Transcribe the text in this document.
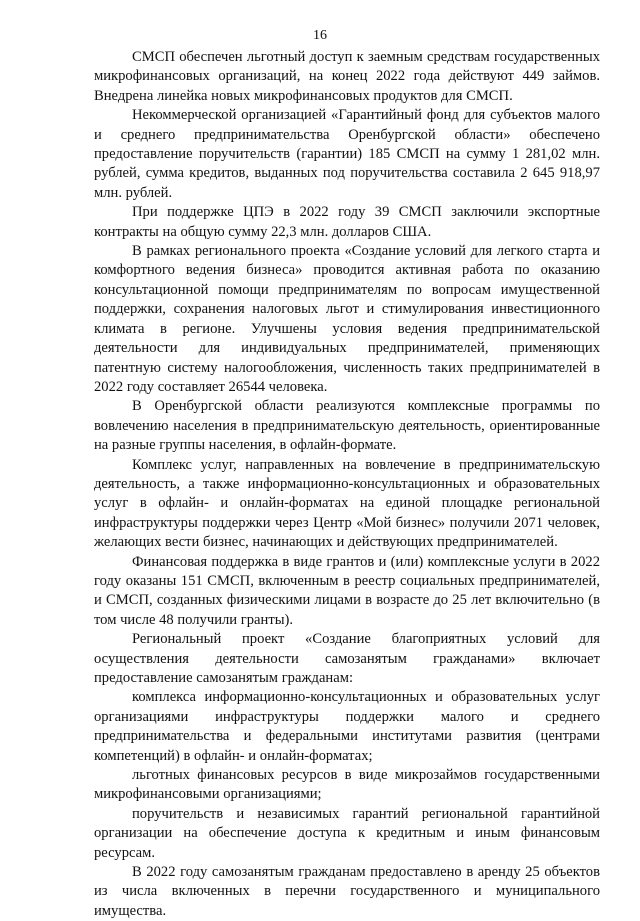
16

СМСП обеспечен льготный доступ к заемным средствам государственных микрофинансовых организаций, на конец 2022 года действуют 449 займов. Внедрена линейка новых микрофинансовых продуктов для СМСП.

Некоммерческой организацией «Гарантийный фонд для субъектов малого и среднего предпринимательства Оренбургской области» обеспечено предоставление поручительств (гарантии) 185 СМСП на сумму 1 281,02 млн. рублей, сумма кредитов, выданных под поручительства составила 2 645 918,97 млн. рублей.

При поддержке ЦПЭ в 2022 году 39 СМСП заключили экспортные контракты на общую сумму 22,3 млн. долларов США.

В рамках регионального проекта «Создание условий для легкого старта и комфортного ведения бизнеса» проводится активная работа по оказанию консультационной помощи предпринимателям по вопросам имущественной поддержки, сохранения налоговых льгот и стимулирования инвестиционного климата в регионе. Улучшены условия ведения предпринимательской деятельности для индивидуальных предпринимателей, применяющих патентную систему налогообложения, численность таких предпринимателей в 2022 году составляет 26544 человека.

В Оренбургской области реализуются комплексные программы по вовлечению населения в предпринимательскую деятельность, ориентированные на разные группы населения, в офлайн-формате.

Комплекс услуг, направленных на вовлечение в предпринимательскую деятельность, а также информационно-консультационных и образовательных услуг в офлайн- и онлайн-форматах на единой площадке региональной инфраструктуры поддержки через Центр «Мой бизнес» получили 2071 человек, желающих вести бизнес, начинающих и действующих предпринимателей.

Финансовая поддержка в виде грантов и (или) комплексные услуги в 2022 году оказаны 151 СМСП, включенным в реестр социальных предпринимателей, и СМСП, созданных физическими лицами в возрасте до 25 лет включительно (в том числе 48 получили гранты).

Региональный проект «Создание благоприятных условий для осуществления деятельности самозанятым гражданами» включает предоставление самозанятым гражданам:

комплекса информационно-консультационных и образовательных услуг организациями инфраструктуры поддержки малого и среднего предпринимательства и федеральными институтами развития (центрами компетенций) в офлайн- и онлайн-форматах;

льготных финансовых ресурсов в виде микрозаймов государственными микрофинансовыми организациями;

поручительств и независимых гарантий региональной гарантийной организации на обеспечение доступа к кредитным и иным финансовым ресурсам.

В 2022 году самозанятым гражданам предоставлено в аренду 25 объектов из числа включенных в перечни государственного и муниципального имущества.
